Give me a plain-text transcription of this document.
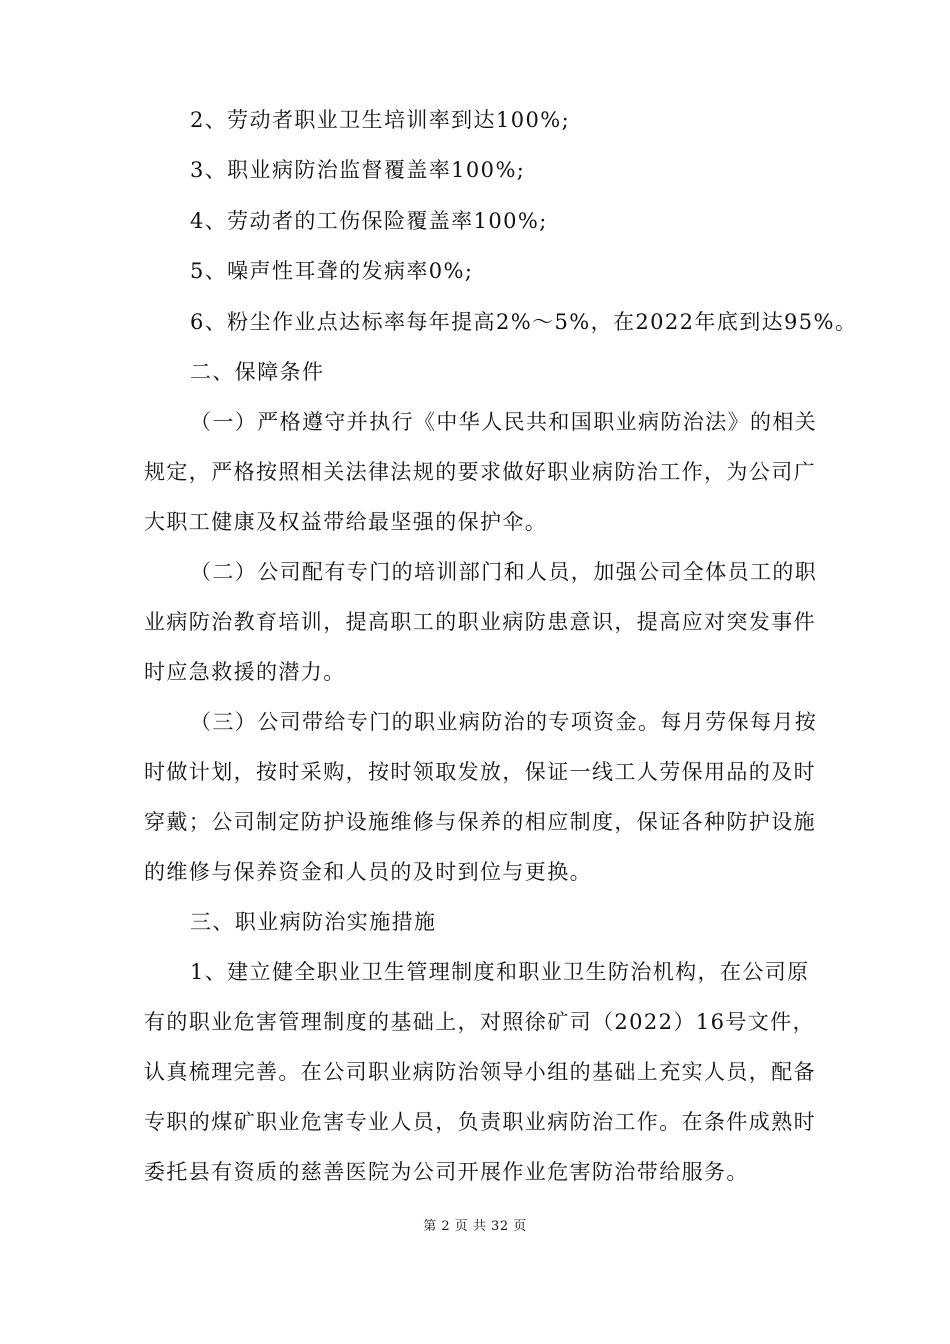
2、劳动者职业卫生培训率到达100%;

3、职业病防治监督覆盖率100%;

4、劳动者的工伤保险覆盖率100%;

5、噪声性耳聋的发病率0%;

6、粉尘作业点达标率每年提高2%～5%，在2022年底到达95%。

二、保障条件

（一）严格遵守并执行《中华人民共和国职业病防治法》的相关

规定，严格按照相关法律法规的要求做好职业病防治工作，为公司广

大职工健康及权益带给最坚强的保护伞。

（二）公司配有专门的培训部门和人员，加强公司全体员工的职

业病防治教育培训，提高职工的职业病防患意识，提高应对突发事件

时应急救援的潜力。

（三）公司带给专门的职业病防治的专项资金。每月劳保每月按

时做计划，按时采购，按时领取发放，保证一线工人劳保用品的及时

穿戴；公司制定防护设施维修与保养的相应制度，保证各种防护设施

的维修与保养资金和人员的及时到位与更换。

三、职业病防治实施措施

1、建立健全职业卫生管理制度和职业卫生防治机构，在公司原

有的职业危害管理制度的基础上，对照徐矿司（2022）16号文件，

认真梳理完善。在公司职业病防治领导小组的基础上充实人员，配备

专职的煤矿职业危害专业人员，负责职业病防治工作。在条件成熟时

委托县有资质的慈善医院为公司开展作业危害防治带给服务。

第 2 页 共 32 页
